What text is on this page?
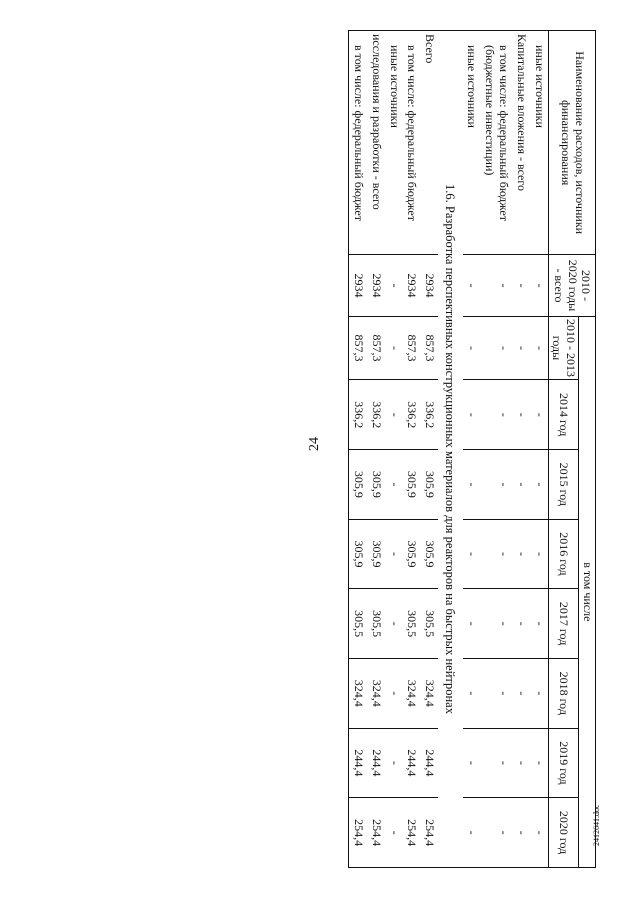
24
2412641.doc
Наименование расходов, источники финансирования	2010 - 2020 годы - всего	в том числе							
		2010 - 2013 годы	2014 год	2015 год	2016 год	2017 год	2018 год	2019 год	2020 год
иные источники	-	-	-	-	-	-	-	-	-
Капитальные вложения - всего	-	-	-	-	-	-	-	-	-
в том числе: федеральный бюджет (бюджетные инвестиции)	-	-	-	-	-	-	-	-	-
иные источники	-	-	-	-	-	-	-	-	-
1.6. Разработка перспективных конструкционных материалов для реакторов на быстрых нейтронах									
Всего	2934	857,3	336,2	305,9	305,9	305,5	324,4	244,4	254,4
в том числе: федеральный бюджет	2934	857,3	336,2	305,9	305,9	305,5	324,4	244,4	254,4
иные источники	-	-	-	-	-	-	-	-	-
исследования и разработки - всего	2934	857,3	336,2	305,9	305,9	305,5	324,4	244,4	254,4
в том числе: федеральный бюджет	2934	857,3	336,2	305,9	305,9	305,5	324,4	244,4	254,4
